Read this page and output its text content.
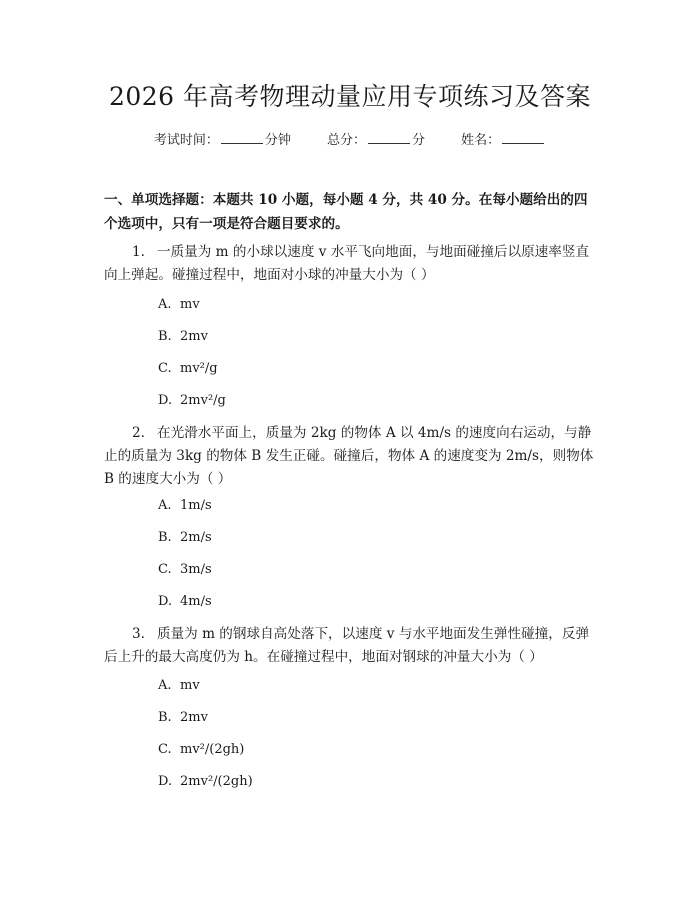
2026 年高考物理动量应用专项练习及答案
考试时间：	分钟	总分：	分	姓名：
一、单项选择题：本题共 10 小题，每小题 4 分，共 40 分。在每小题给出的四个选项中，只有一项是符合题目要求的。
1. 一质量为 m 的小球以速度 v 水平飞向地面，与地面碰撞后以原速率竖直向上弹起。碰撞过程中，地面对小球的冲量大小为（ ）
A. mv
B. 2mv
C. mv²/g
D. 2mv²/g
2. 在光滑水平面上，质量为 2kg 的物体 A 以 4m/s 的速度向右运动，与静止的质量为 3kg 的物体 B 发生正碰。碰撞后，物体 A 的速度变为 2m/s，则物体 B 的速度大小为（ ）
A. 1m/s
B. 2m/s
C. 3m/s
D. 4m/s
3. 质量为 m 的钢球自高处落下，以速度 v 与水平地面发生弹性碰撞，反弹后上升的最大高度仍为 h。在碰撞过程中，地面对钢球的冲量大小为（ ）
A. mv
B. 2mv
C. mv²/(2gh)
D. 2mv²/(2gh)
